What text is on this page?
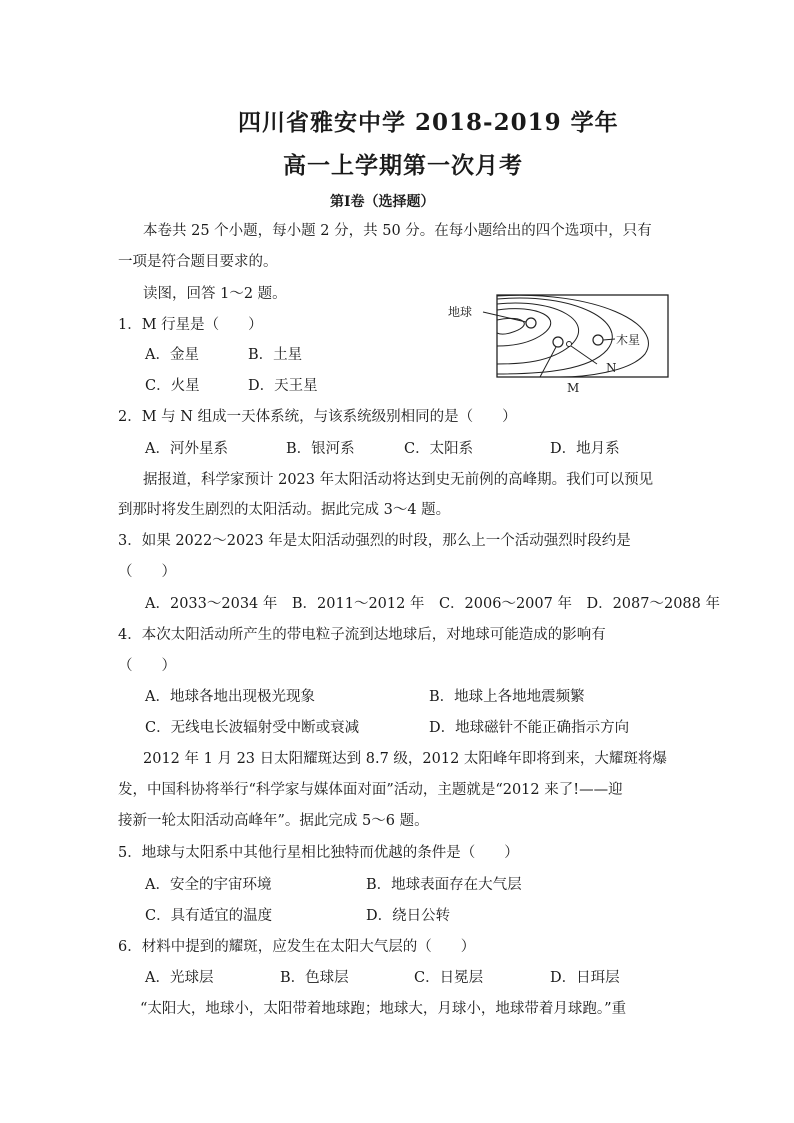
四川省雅安中学 2018-2019 学年
高一上学期第一次月考
第Ⅰ卷（选择题）
本卷共 25 个小题，每小题 2 分，共 50 分。在每小题给出的四个选项中，只有
一项是符合题目要求的。
读图，回答 1～2 题。
地球
木星
M
N
1．M 行星是（　　）
A．金星	B．土星
C．火星	D．天王星
2．M 与 N 组成一天体系统，与该系统级别相同的是（　　）
A．河外星系	B．银河系	C．太阳系	D．地月系
据报道，科学家预计 2023 年太阳活动将达到史无前例的高峰期。我们可以预见
到那时将发生剧烈的太阳活动。据此完成 3～4 题。
3．如果 2022～2023 年是太阳活动强烈的时段，那么上一个活动强烈时段约是
（　　）
A．2033～2034 年　B．2011～2012 年　C．2006～2007 年　D．2087～2088 年
4．本次太阳活动所产生的带电粒子流到达地球后，对地球可能造成的影响有
（　　）
A．地球各地出现极光现象	B．地球上各地地震频繁
C．无线电长波辐射受中断或衰减	D．地球磁针不能正确指示方向
2012 年 1 月 23 日太阳耀斑达到 8.7 级，2012 太阳峰年即将到来，大耀斑将爆
发，中国科协将举行“科学家与媒体面对面”活动，主题就是“2012 来了!——迎
接新一轮太阳活动高峰年”。据此完成 5～6 题。
5．地球与太阳系中其他行星相比独特而优越的条件是（　　）
A．安全的宇宙环境	B．地球表面存在大气层
C．具有适宜的温度	D．绕日公转
6．材料中提到的耀斑，应发生在太阳大气层的（　　）
A．光球层	B．色球层	C．日冕层	D．日珥层
“太阳大，地球小，太阳带着地球跑；地球大，月球小，地球带着月球跑。”重
